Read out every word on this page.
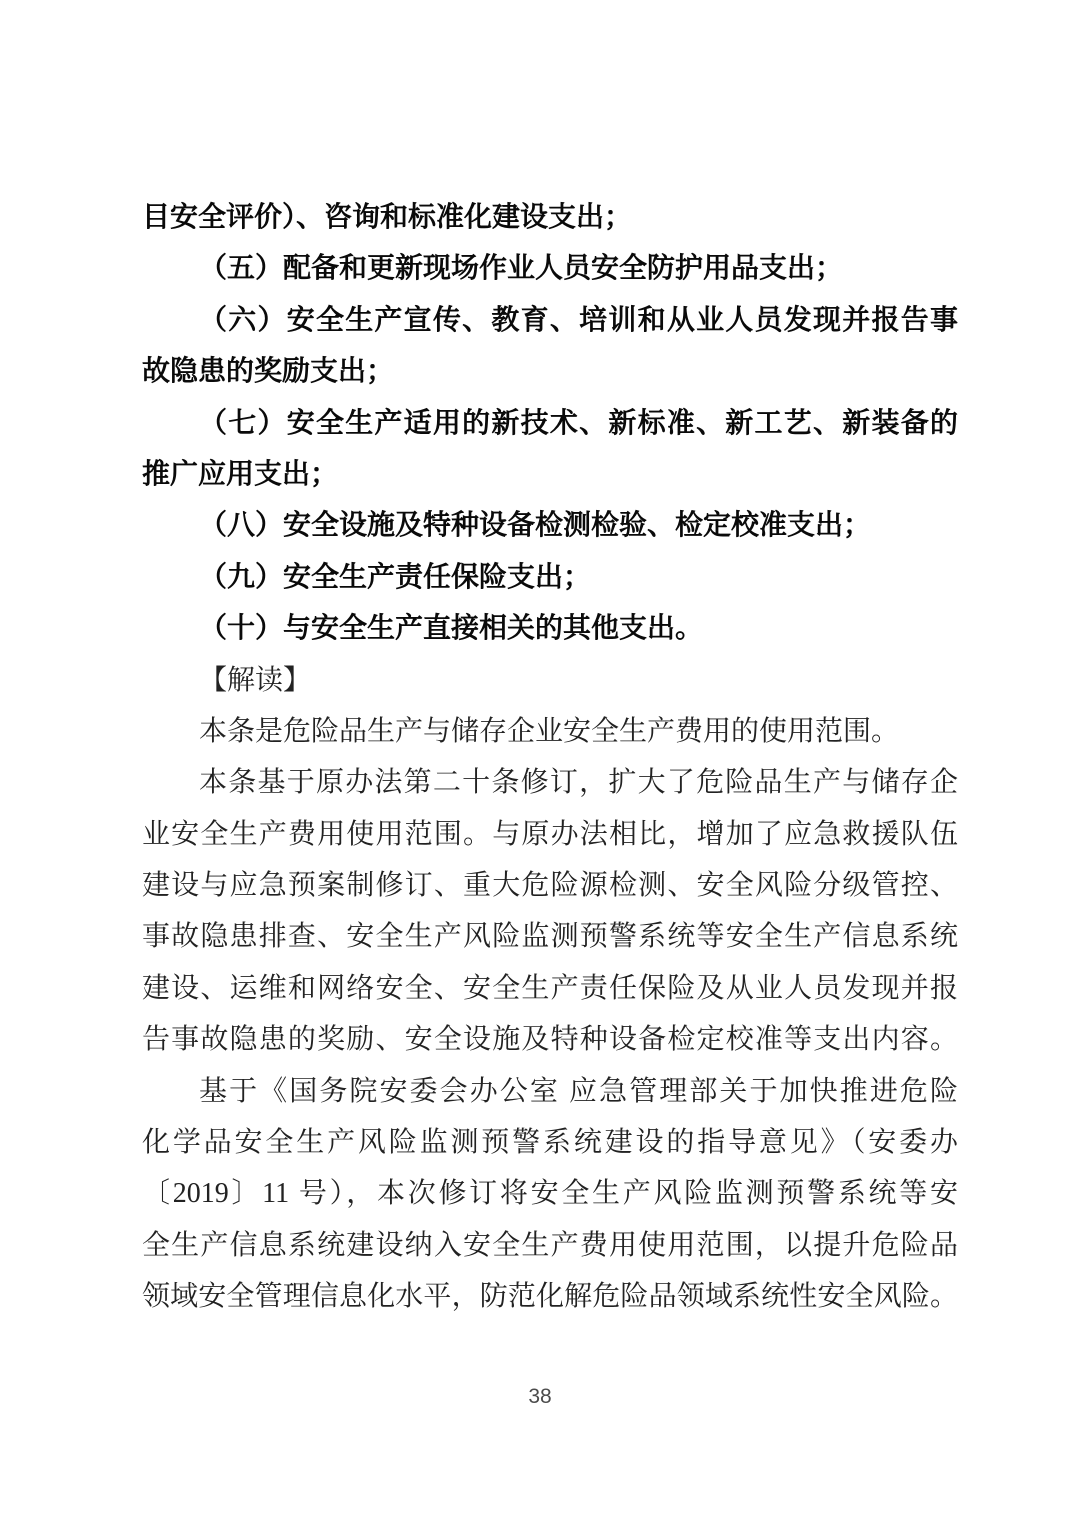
目安全评价）、咨询和标准化建设支出；
（五）配备和更新现场作业人员安全防护用品支出；
（六）安全生产宣传、教育、培训和从业人员发现并报告事
故隐患的奖励支出；
（七）安全生产适用的新技术、新标准、新工艺、新装备的
推广应用支出；
（八）安全设施及特种设备检测检验、检定校准支出；
（九）安全生产责任保险支出；
（十）与安全生产直接相关的其他支出。
【解读】
本条是危险品生产与储存企业安全生产费用的使用范围。
本条基于原办法第二十条修订，扩大了危险品生产与储存企
业安全生产费用使用范围。与原办法相比，增加了应急救援队伍
建设与应急预案制修订、重大危险源检测、安全风险分级管控、
事故隐患排查、安全生产风险监测预警系统等安全生产信息系统
建设、运维和网络安全、安全生产责任保险及从业人员发现并报
告事故隐患的奖励、安全设施及特种设备检定校准等支出内容。
基于《国务院安委会办公室 应急管理部关于加快推进危险
化学品安全生产风险监测预警系统建设的指导意见》（安委办
〔2019〕11 号），本次修订将安全生产风险监测预警系统等安
全生产信息系统建设纳入安全生产费用使用范围，以提升危险品
领域安全管理信息化水平，防范化解危险品领域系统性安全风险。
38
